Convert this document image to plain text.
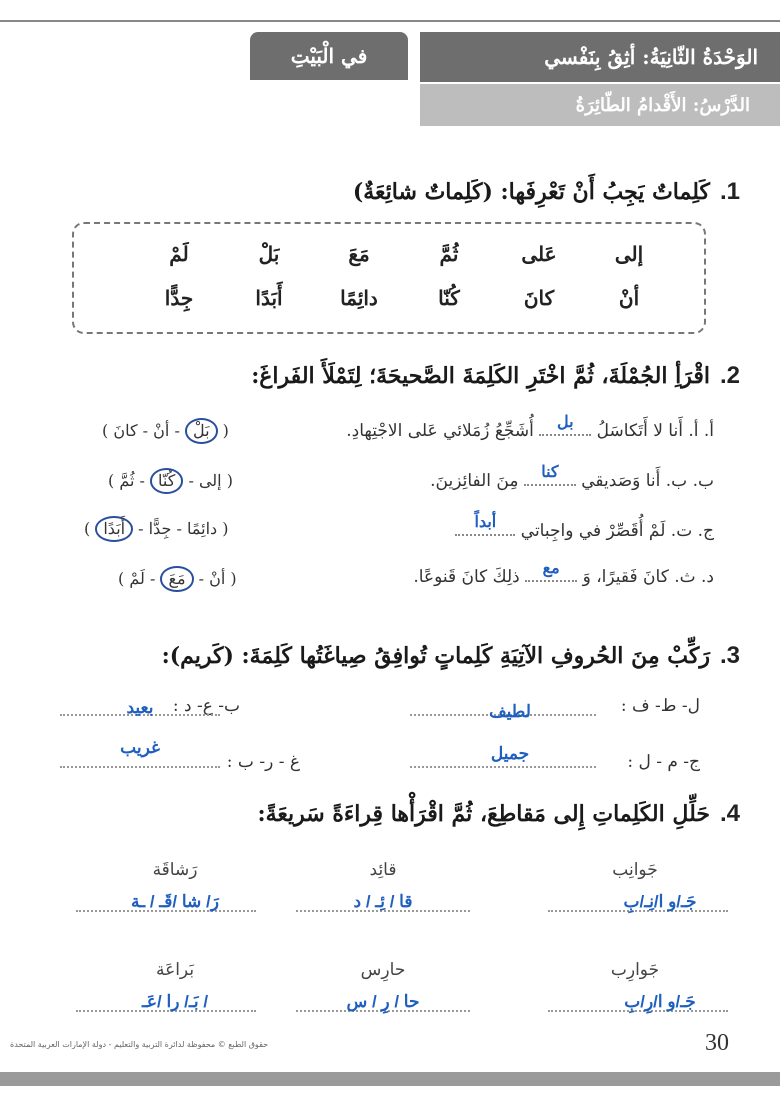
في الْبَيْتِ	الوَحْدَةُ الثّانِيَةُ: أثِقُ بِنَفْسي
الدَّرْسُ: الأَقْدامُ الطّائِرَةُ
1.
كَلِماتٌ يَجِبُ أَنْ تَعْرِفَها: (كَلِماتٌ شائِعَةٌ)
إلى
عَلى
ثُمَّ
مَعَ
بَلْ
لَمْ
أنْ
كانَ
كُنّا
دائِمًا
أَبَدًا
جِدًّا
2.
اقْرَأِ الجُمْلَةَ، ثُمَّ اخْتَرِ الكَلِمَةَ الصَّحيحَةَ؛ لِتَمْلَأَ الفَراغَ:
أ. أ. أَنا لا أَتَكاسَلُ
بل
أُشَجِّعُ زُمَلائي عَلى الاجْتِهادِ.
ب. ب. أَنا وَصَديقي
كنا
مِنَ الفائِزينَ.
ج. ت. لَمْ أُقَصِّرْ في واجِباتي
أبداً
د. ث. كانَ فَقيرًا، وَ
مع
ذلِكَ كانَ قَنوعًا.
( بَلْ - أنْ - كانَ )
( إلى - كُنّا - ثُمَّ )
( دائِمًا - جِدًّا - أَبَدًا )
( أنْ - مَعَ - لَمْ )
3.
رَكِّبْ مِنَ الحُروفِ الآتِيَةِ كَلِماتٍ تُوافِقُ صِياغَتُها كَلِمَةَ: (كَريم):
ل- ط- ف :
لطيف
ب- ع- د :
بعيد
ج- م - ل :
جميل
غ - ر- ب :
غريب
4.
حَلِّلِ الكَلِماتِ إِلى مَقاطِعَ، ثُمَّ اقْرَأْها قِراءَةً سَريعَةً:
جَوانِب
جَـ/و ا/نِـ/بِ
قائِد
قا / ئِـ / د
رَشاقَة
رَ/ شا /قَـ / ـة
جَوارِب
جَـ/و ا/رِ/بِ
حارِس
حا / رِ / س
بَراعَة
بَـ/ را /عَـ /
حقوق الطبع © محفوظة لدائرة التربية والتعليم - دولة الإمارات العربية المتحدة	30
